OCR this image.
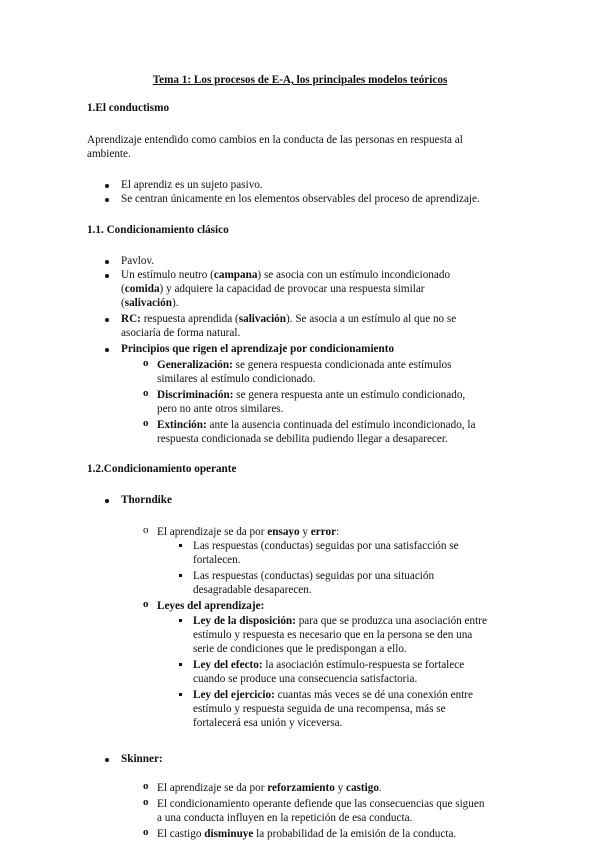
Tema 1: Los procesos de E-A, los principales modelos teóricos
1.El conductismo
Aprendizaje entendido como cambios en la conducta de las personas en respuesta al
ambiente.
El aprendiz es un sujeto pasivo.
Se centran únicamente en los elementos observables del proceso de aprendizaje.
1.1. Condicionamiento clásico
Pavlov.
Un estímulo neutro (campana) se asocia con un estímulo incondicionado
(comida) y adquiere la capacidad de provocar una respuesta similar
(salivación).
RC: respuesta aprendida (salivación). Se asocia a un estímulo al que no se
asociaría de forma natural.
Principios que rigen el aprendizaje por condicionamiento
o Generalización: se genera respuesta condicionada ante estímulos
similares al estímulo condicionado.
o Discriminación: se genera respuesta ante un estímulo condicionado,
pero no ante otros similares.
o Extinción: ante la ausencia continuada del estímulo incondicionado, la
respuesta condicionada se debilita pudiendo llegar a desaparecer.
1.2.Condicionamiento operante
Thorndike
o El aprendizaje se da por ensayo y error:
Las respuestas (conductas) seguidas por una satisfacción se
fortalecen.
Las respuestas (conductas) seguidas por una situación
desagradable desaparecen.
o Leyes del aprendizaje:
Ley de la disposición: para que se produzca una asociación entre
estímulo y respuesta es necesario que en la persona se den una
serie de condiciones que le predispongan a ello.
Ley del efecto: la asociación estímulo-respuesta se fortalece
cuando se produce una consecuencia satisfactoria.
Ley del ejercicio: cuantas más veces se dé una conexión entre
estímulo y respuesta seguida de una recompensa, más se
fortalecerá esa unión y viceversa.
Skinner:
o El aprendizaje se da por reforzamiento y castigo.
o El condicionamiento operante defiende que las consecuencias que siguen
a una conducta influyen en la repetición de esa conducta.
o El castigo disminuye la probabilidad de la emisión de la conducta.
